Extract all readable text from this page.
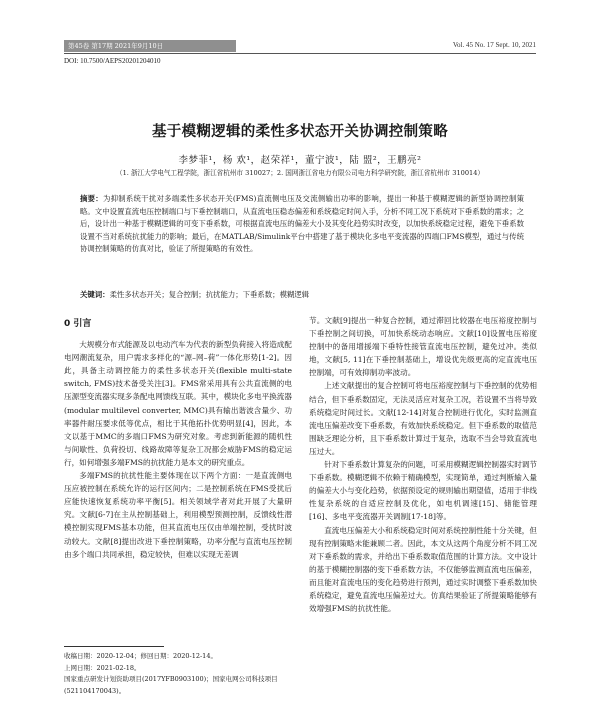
第45卷 第17期 2021年9月10日	Vol. 45 No. 17 Sept. 10, 2021
DOI: 10.7500/AEPS20201204010
基于模糊逻辑的柔性多状态开关协调控制策略
李梦菲¹，杨 欢¹，赵荣祥¹，董宁波¹，陆 盟²，王鹏亮²
（1. 浙江大学电气工程学院，浙江省杭州市 310027；2. 国网浙江省电力有限公司电力科学研究院，浙江省杭州市 310014）
摘要：为抑制系统干扰对多端柔性多状态开关(FMS)直流侧电压及交流侧输出功率的影响，提出一种基于模糊逻辑的新型协调控制策略。文中设置直流电压控制端口与下垂控制端口，从直流电压稳态偏差和系统稳定时间入手，分析不同工况下系统对下垂系数的需求；之后，设计出一种基于模糊逻辑的可变下垂系数，可根据直流电压的偏差大小及其变化趋势实时改变，以加快系统稳定过程，避免下垂系数设置不当对系统抗扰能力的影响；最后，在MATLAB/Simulink平台中搭建了基于模块化多电平变流器的四端口FMS模型，通过与传统协调控制策略的仿真对比，验证了所提策略的有效性。
关键词：柔性多状态开关；复合控制；抗扰能力；下垂系数；模糊逻辑
0 引言

大规模分布式能源及以电动汽车为代表的新型负荷接入将造成配电网潮流复杂，用户需求多样化的“源–网–荷”一体化形势[1-2]。因此，具备主动调控能力的柔性多状态开关(flexible multi-state switch, FMS)技术备受关注[3]。FMS常采用具有公共直流侧的电压源型变流器实现多条配电网馈线互联。其中，模块化多电平换流器(modular multilevel converter, MMC)具有输出谐波含量少、功率器件耐压要求低等优点，相比于其他拓扑优势明显[4]，因此，本文以基于MMC的多端口FMS为研究对象。考虑到新能源的随机性与间歇性、负荷投切、线路故障等复杂工况都会威胁FMS的稳定运行，如何增强多端FMS的抗扰能力是本文的研究重点。

多端FMS的抗扰性能主要体现在以下两个方面：一是直流侧电压应被控制在系统允许的运行区间内；二是控制系统在FMS受扰后应能快速恢复系统功率平衡[5]。相关领域学者对此开展了大量研究。文献[6-7]在主从控制基础上，利用模型预测控制，反馈线性潜模控制实现FMS基本功能，但其直流电压仅由单端控制，受扰时波动较大。文献[8]提出改进下垂控制策略，功率分配与直流电压控制由多个端口共同承担，稳定较快，但难以实现无差调

节。文献[9]提出一种复合控制，通过滞回比较器在电压裕度控制与下垂控制之间切换，可加快系统动态响应。文献[10]设置电压裕度控制中的备用增援端下垂特性接管直流电压控制，避免过冲。类似地，文献[5, 11]在下垂控制基础上，增设优先级更高的定直流电压控制端，可有效抑制功率波动。

上述文献提出的复合控制可将电压裕度控制与下垂控制的优势相结合，但下垂系数固定，无法灵活应对复杂工况，若设置不当将导致系统稳定时间过长。文献[12-14]对复合控制进行优化，实时监测直流电压偏差改变下垂系数，有效加快系统稳定。但下垂系数的取值范围缺乏理论分析，且下垂系数计算过于复杂，选取不当会导致直流电压过大。

针对下垂系数计算复杂的问题，可采用模糊逻辑控制器实时调节下垂系数。模糊逻辑不依赖于精确模型，实现简单，通过判断输入量的偏差大小与变化趋势，依据预设定的规则输出期望值，适用于非线性复杂系统的自适应控制及优化，如电机调速[15]、储能管理[16]、多电平变流器开关调制[17-18]等。

直流电压偏差大小和系统稳定时间对系统控制性能十分关键，但现有控制策略未能兼顾二者。因此，本文从这两个角度分析不同工况对下垂系数的需求，并给出下垂系数取值范围的计算方法。文中设计的基于模糊控制器的变下垂系数方法，不仅能够监测直流电压偏差，而且能对直流电压的变化趋势进行预判，通过实时调整下垂系数加快系统稳定，避免直流电压偏差过大。仿真结果验证了所提策略能够有效增强FMS的抗扰性能。

收稿日期：2020-12-04；修回日期：2020-12-14。

上网日期：2021-02-18。

国家重点研发计划资助项目(2017YFB0903100)；国家电网公司科技项目(521104170043)。
